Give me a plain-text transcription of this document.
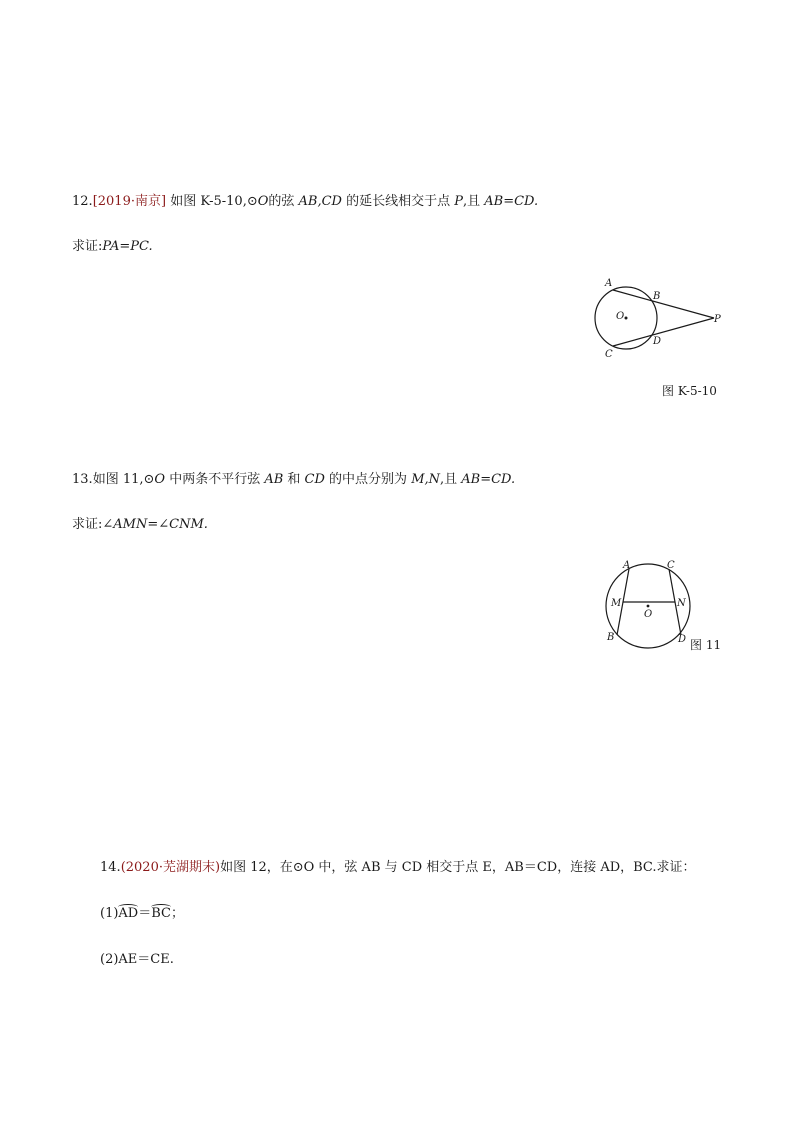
12.[2019·南京] 如图 K-5-10,⊙O的弦 AB,CD 的延长线相交于点 P,且 AB=CD.
求证:PA=PC.
A
B
O	P
D
C
图 K-5-10
13.如图 11,⊙O 中两条不平行弦 AB 和 CD 的中点分别为 M,N,且 AB=CD.
求证:∠AMN=∠CNM.
A	C
M	N
O
B	D 图 11
14.(2020·芜湖期末)如图 12，在⊙O 中，弦 AB 与 CD 相交于点 E，AB＝CD，连接 AD，BC.求证：
(1)AD＝BC；
(2)AE＝CE.
